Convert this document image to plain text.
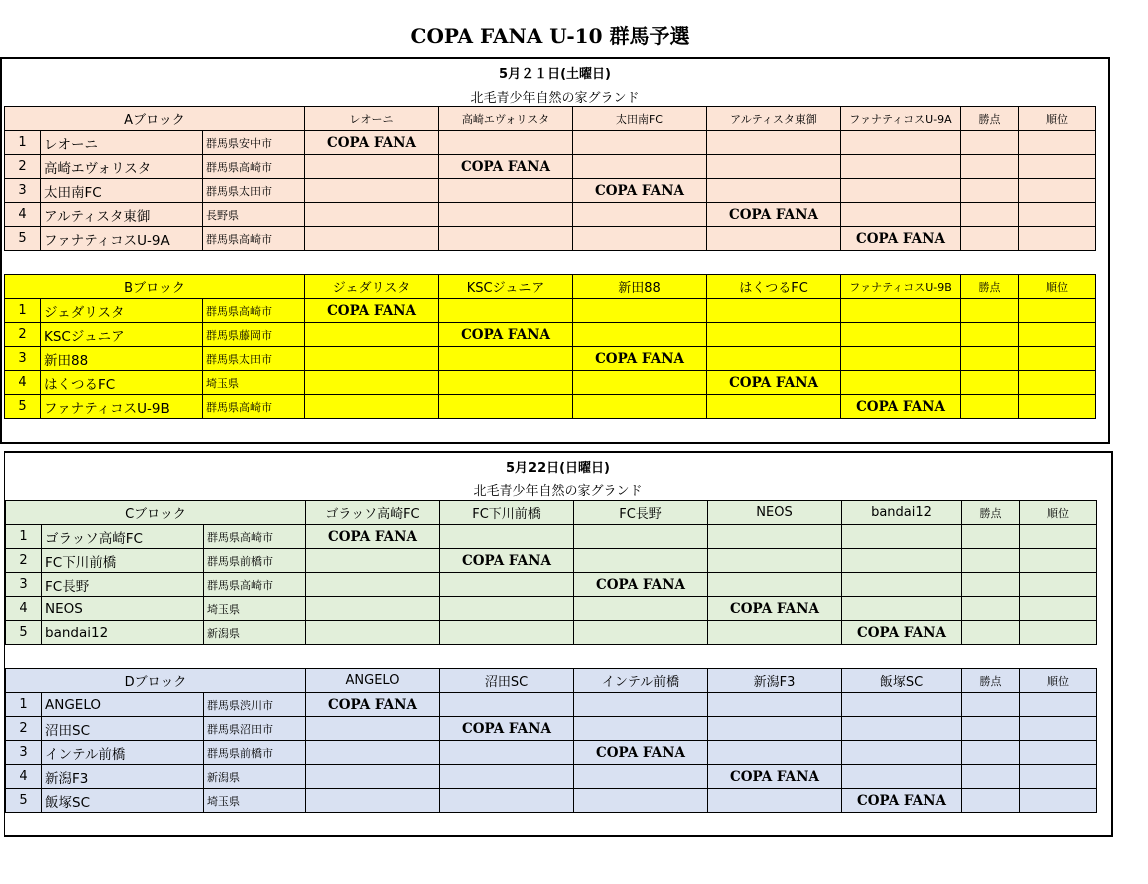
COPA FANA U-10 群馬予選
5月２１日(土曜日)
北毛青少年自然の家グランド
Aブロック			レオーニ	高崎エヴォリスタ	太田南FC	アルティスタ東御	ファナティコスU-9A	勝点	順位
1	レオーニ	群馬県安中市	COPA FANA						
2	高崎エヴォリスタ	群馬県高崎市		COPA FANA					
3	太田南FC	群馬県太田市			COPA FANA				
4	アルティスタ東御	長野県				COPA FANA			
5	ファナティコスU-9A	群馬県高崎市					COPA FANA		
Bブロック			ジェダリスタ	KSCジュニア	新田88	はくつるFC	ファナティコスU-9B	勝点	順位
1	ジェダリスタ	群馬県高崎市	COPA FANA						
2	KSCジュニア	群馬県藤岡市		COPA FANA					
3	新田88	群馬県太田市			COPA FANA				
4	はくつるFC	埼玉県				COPA FANA			
5	ファナティコスU-9B	群馬県高崎市					COPA FANA		
5月22日(日曜日)
北毛青少年自然の家グランド
Cブロック			ゴラッソ高崎FC	FC下川前橋	FC長野	NEOS	bandai12	勝点	順位
1	ゴラッソ高崎FC	群馬県高崎市	COPA FANA						
2	FC下川前橋	群馬県前橋市		COPA FANA					
3	FC長野	群馬県高崎市			COPA FANA				
4	NEOS	埼玉県				COPA FANA			
5	bandai12	新潟県					COPA FANA		
Dブロック			ANGELO	沼田SC	インテル前橋	新潟F3	飯塚SC	勝点	順位
1	ANGELO	群馬県渋川市	COPA FANA						
2	沼田SC	群馬県沼田市		COPA FANA					
3	インテル前橋	群馬県前橋市			COPA FANA				
4	新潟F3	新潟県				COPA FANA			
5	飯塚SC	埼玉県					COPA FANA		
